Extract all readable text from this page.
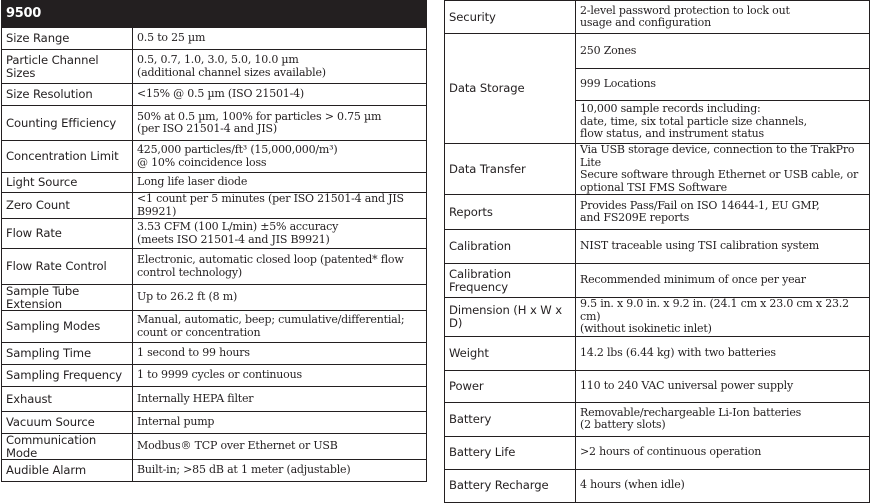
9500	
Size Range	0.5 to 25 µm

Particle Channel Sizes	0.5, 0.7, 1.0, 3.0, 5.0, 10.0 µm
(additional channel sizes available)

Size Resolution	<15% @ 0.5 µm (ISO 21501-4)

Counting Efficiency	50% at 0.5 µm, 100% for particles > 0.75 µm
(per ISO 21501-4 and JIS)

Concentration Limit	425,000 particles/ft³ (15,000,000/m³)
@ 10% coincidence loss

Light Source	Long life laser diode

Zero Count	<1 count per 5 minutes (per ISO 21501-4 and JIS B9921)

Flow Rate	3.53 CFM (100 L/min) ±5% accuracy
(meets ISO 21501-4 and JIS B9921)

Flow Rate Control	Electronic, automatic closed loop (patented* flow
control technology)

Sample Tube Extension	Up to 26.2 ft (8 m)

Sampling Modes	Manual, automatic, beep; cumulative/differential;
count or concentration

Sampling Time	1 second to 99 hours

Sampling Frequency	1 to 9999 cycles or continuous

Exhaust	Internally HEPA filter

Vacuum Source	Internal pump

Communication Mode	Modbus® TCP over Ethernet or USB

Audible Alarm	Built-in; >85 dB at 1 meter (adjustable)
Security	2-level password protection to lock out
usage and configuration

Data Storage	250 Zones

	999 Locations

	10,000 sample records including:
date, time, six total particle size channels,
flow status, and instrument status

Data Transfer	Via USB storage device, connection to the TrakPro Lite
Secure software through Ethernet or USB cable, or
optional TSI FMS Software

Reports	Provides Pass/Fail on ISO 14644-1, EU GMP,
and FS209E reports

Calibration	NIST traceable using TSI calibration system

Calibration Frequency	Recommended minimum of once per year

Dimension (H x W x D)	9.5 in. x 9.0 in. x 9.2 in. (24.1 cm x 23.0 cm x 23.2 cm)
(without isokinetic inlet)

Weight	14.2 lbs (6.44 kg) with two batteries

Power	110 to 240 VAC universal power supply

Battery	Removable/rechargeable Li-Ion batteries
(2 battery slots)

Battery Life	>2 hours of continuous operation

Battery Recharge	4 hours (when idle)
